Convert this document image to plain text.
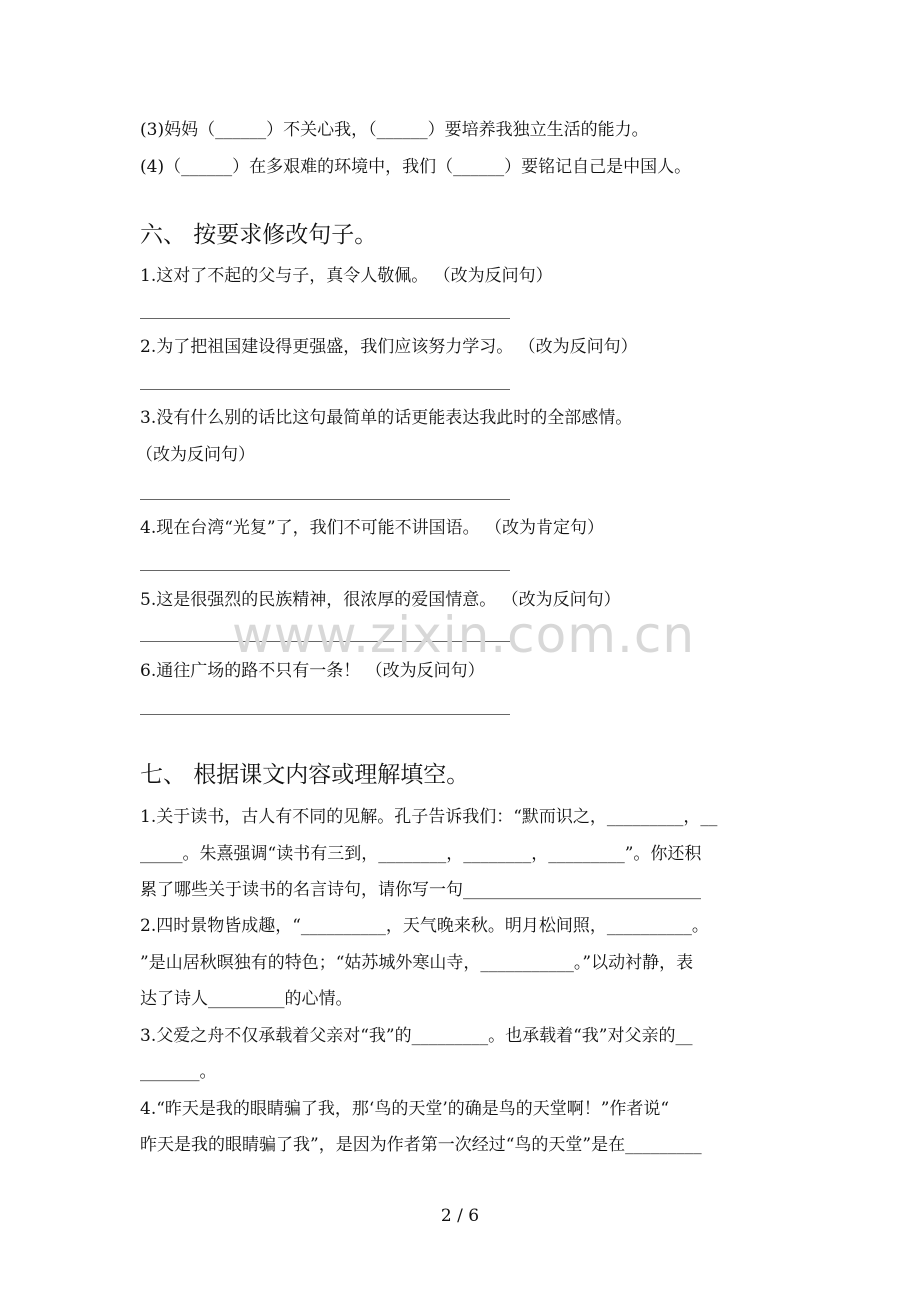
(3)妈妈（______）不关心我，（______）要培养我独立生活的能力。
(4)（______）在多艰难的环境中，我们（______）要铭记自己是中国人。
六、 按要求修改句子。
1.这对了不起的父与子，真令人敬佩。 （改为反问句）
2.为了把祖国建设得更强盛，我们应该努力学习。 （改为反问句）
3.没有什么别的话比这句最简单的话更能表达我此时的全部感情。
（改为反问句）
4.现在台湾“光复”了，我们不可能不讲国语。 （改为肯定句）
5.这是很强烈的民族精神，很浓厚的爱国情意。 （改为反问句）
6.通往广场的路不只有一条！ （改为反问句）
七、 根据课文内容或理解填空。
1.关于读书，古人有不同的见解。孔子告诉我们：“默而识之，_________，__
_____。朱熹强调“读书有三到，________，________，_________”。你还积
累了哪些关于读书的名言诗句，请你写一句____________________________
2.四时景物皆成趣，“__________，天气晚来秋。明月松间照，__________。
”是山居秋暝独有的特色；“姑苏城外寒山寺，___________。”以动衬静，表
达了诗人_________的心情。
3.父爱之舟不仅承载着父亲对“我”的_________。也承载着“我”对父亲的__
_______。
4.“昨天是我的眼睛骗了我，那‘鸟的天堂’的确是鸟的天堂啊！”作者说“
昨天是我的眼睛骗了我”，是因为作者第一次经过“鸟的天堂”是在_________
www.zixin.com.cn
2 / 6
